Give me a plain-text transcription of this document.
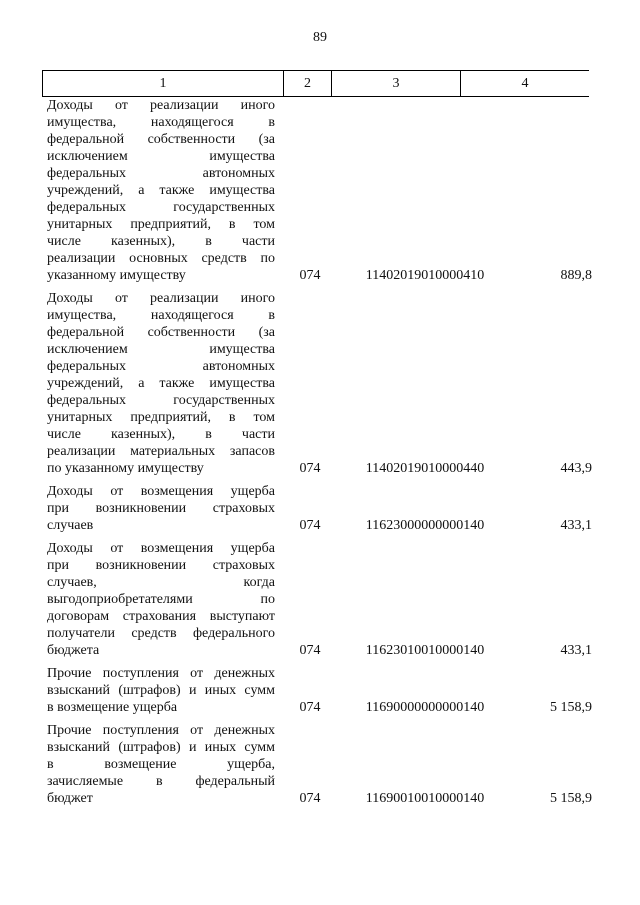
89
1	2	3	4
Доходы от реализации иного
имущества, находящегося в
федеральной собственности (за
исключением имущества
федеральных автономных
учреждений, а также имущества
федеральных государственных
унитарных предприятий, в том
числе казенных), в части
реализации основных средств по
указанному имуществу	074	11402019010000410	889,8
Доходы от реализации иного
имущества, находящегося в
федеральной собственности (за
исключением имущества
федеральных автономных
учреждений, а также имущества
федеральных государственных
унитарных предприятий, в том
числе казенных), в части
реализации материальных запасов
по указанному имуществу	074	11402019010000440	443,9
Доходы от возмещения ущерба
при возникновении страховых
случаев	074	11623000000000140	433,1
Доходы от возмещения ущерба
при возникновении страховых
случаев, когда
выгодоприобретателями по
договорам страхования выступают
получатели средств федерального
бюджета	074	11623010010000140	433,1
Прочие поступления от денежных
взысканий (штрафов) и иных сумм
в возмещение ущерба	074	11690000000000140	5 158,9
Прочие поступления от денежных
взысканий (штрафов) и иных сумм
в возмещение ущерба,
зачисляемые в федеральный
бюджет	074	11690010010000140	5 158,9
